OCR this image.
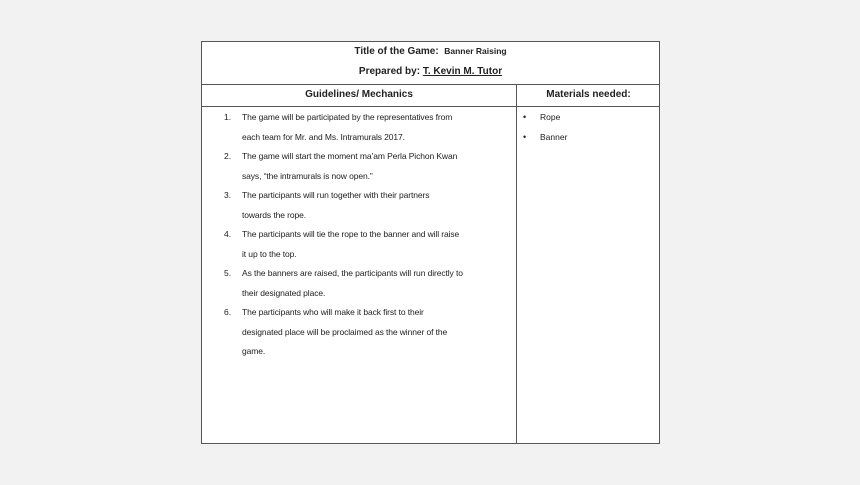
Title of the Game: Banner Raising
Prepared by: T. Kevin M. Tutor
Guidelines/ Mechanics	Materials needed:
1. The game will be participated by the representatives from
each team for Mr. and Ms. Intramurals 2017.
2. The game will start the moment ma’am Perla Pichon Kwan
says, “the intramurals is now open.”
3. The participants will run together with their partners
towards the rope.
4. The participants will tie the rope to the banner and will raise
it up to the top.
5. As the banners are raised, the participants will run directly to
their designated place.
6. The participants who will make it back first to their
designated place will be proclaimed as the winner of the
game.
• Rope
• Banner
